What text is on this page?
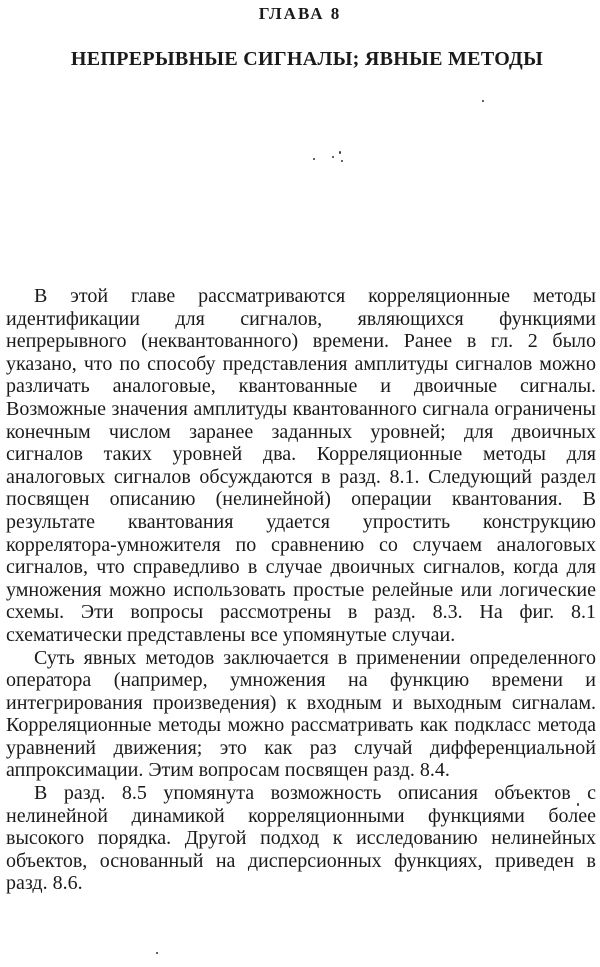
ГЛАВА 8
НЕПРЕРЫВНЫЕ СИГНАЛЫ; ЯВНЫЕ МЕТОДЫ

В этой главе рассматриваются корреляционные методы идентификации для сигналов, являющихся функциями непрерывного (неквантованного) времени. Ранее в гл. 2 было указано, что по способу представления амплитуды сигналов можно различать аналоговые, квантованные и двоичные сигналы. Возможные значения амплитуды квантованного сигнала ограничены конечным числом заранее заданных уровней; для двоичных сигналов таких уровней два. Корреляционные методы для аналоговых сигналов обсуждаются в разд. 8.1. Следующий раздел посвящен описанию (нелинейной) операции квантования. В результате квантования удается упростить конструкцию коррелятора-умножителя по сравнению со случаем аналоговых сигналов, что справедливо в случае двоичных сигналов, когда для умножения можно использовать простые релейные или логические схемы. Эти вопросы рассмотрены в разд. 8.3. На фиг. 8.1 схематически представлены все упомянутые случаи.

Суть явных методов заключается в применении определенного оператора (например, умножения на функцию времени и интегрирования произведения) к входным и выходным сигналам. Корреляционные методы можно рассматривать как подкласс метода уравнений движения; это как раз случай дифференциальной аппроксимации. Этим вопросам посвящен разд. 8.4.

В разд. 8.5 упомянута возможность описания объектов с нелинейной динамикой корреляционными функциями более высокого порядка. Другой подход к исследованию нелинейных объектов, основанный на дисперсионных функциях, приведен в разд. 8.6.
